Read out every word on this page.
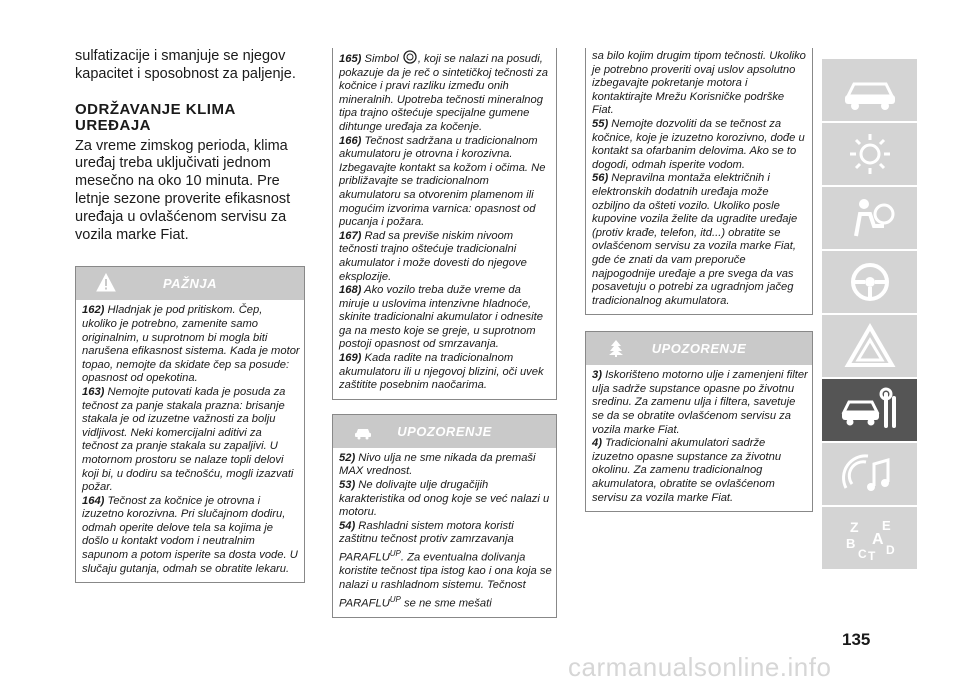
sulfatizacije i smanjuje se njegov kapacitet i sposobnost za paljenje.
ODRŽAVANJE KLIMA UREĐAJA
Za vreme zimskog perioda, klima uređaj treba uključivati jednom mesečno na oko 10 minuta. Pre letnje sezone proverite efikasnost uređaja u ovlašćenom servisu za vozila marke Fiat.
PAŽNJA

162) Hladnjak je pod pritiskom. Čep, ukoliko je potrebno, zamenite samo originalnim, u suprotnom bi mogla biti narušena efikasnost sistema. Kada je motor topao, nemojte da skidate čep sa posude: opasnost od opekotina.

163) Nemojte putovati kada je posuda za tečnost za panje stakala prazna: brisanje stakala je od izuzetne važnosti za bolju vidljivost. Neki komercijalni aditivi za tečnost za pranje stakala su zapaljivi. U motornom prostoru se nalaze topli delovi koji bi, u dodiru sa tečnošću, mogli izazvati požar.

164) Tečnost za kočnice je otrovna i izuzetno korozivna. Pri slučajnom dodiru, odmah operite delove tela sa kojima je došlo u kontakt vodom i neutralnim sapunom a potom isperite sa dosta vode. U slučaju gutanja, odmah se obratite lekaru.

165) Simbol , koji se nalazi na posudi, pokazuje da je reč o sintetičkoj tečnosti za kočnice i pravi razliku između onih mineralnih. Upotreba tečnosti mineralnog tipa trajno oštećuje specijalne gumene dihtunge uređaja za kočenje.

166) Tečnost sadržana u tradicionalnom akumulatoru je otrovna i korozivna. Izbegavajte kontakt sa kožom i očima. Ne približavajte se tradicionalnom akumulatoru sa otvorenim plamenom ili mogućim izvorima varnica: opasnost od pucanja i požara.

167) Rad sa previše niskim nivoom tečnosti trajno oštećuje tradicionalni akumulator i može dovesti do njegove eksplozije.

168) Ako vozilo treba duže vreme da miruje u uslovima intenzivne hladnoće, skinite tradicionalni akumulator i odnesite ga na mesto koje se greje, u suprotnom postoji opasnost od smrzavanja.

169) Kada radite na tradicionalnom akumulatoru ili u njegovoj blizini, oči uvek zaštitite posebnim naočarima.

UPOZORENJE

52) Nivo ulja ne sme nikada da premaši MAX vrednost.

53) Ne dolivajte ulje drugačijih karakteristika od onog koje se već nalazi u motoru.

54) Rashladni sistem motora koristi zaštitnu tečnost protiv zamrzavanja $PARAFLU^{UP}$. Za eventualna dolivanja koristite tečnost tipa istog kao i ona koja se nalazi u rashladnom sistemu. Tečnost $PARAFLU^{UP}$ se ne sme mešati

sa bilo kojim drugim tipom tečnosti. Ukoliko je potrebno proveriti ovaj uslov apsolutno izbegavajte pokretanje motora i kontaktirajte Mrežu Korisničke podrške Fiat.

55) Nemojte dozvoliti da se tečnost za kočnice, koje je izuzetno korozivno, dođe u kontakt sa ofarbanim delovima. Ako se to dogodi, odmah isperite vodom.

56) Nepravilna montaža električnih i elektronskih dodatnih uređaja može ozbiljno da ošteti vozilo. Ukoliko posle kupovine vozila želite da ugradite uređaje (protiv krađe, telefon, itd...) obratite se ovlašćenom servisu za vozila marke Fiat, gde će znati da vam preporuče najpogodnije uređaje a pre svega da vas posavetuju o potrebi za ugradnjom jačeg tradicionalnog akumulatora.

UPOZORENJE

3) Iskorišteno motorno ulje i zamenjeni filter ulja sadrže supstance opasne po životnu sredinu. Za zamenu ulja i filtera, savetuje se da se obratite ovlašćenom servisu za vozila marke Fiat.

4) Tradicionalni akumulatori sadrže izuzetno opasne supstance za životnu okolinu. Za zamenu tradicionalnog akumulatora, obratite se ovlašćenom servisu za vozila marke Fiat.

Z E
A
B
C D
T
135
carmanualsonline.info
